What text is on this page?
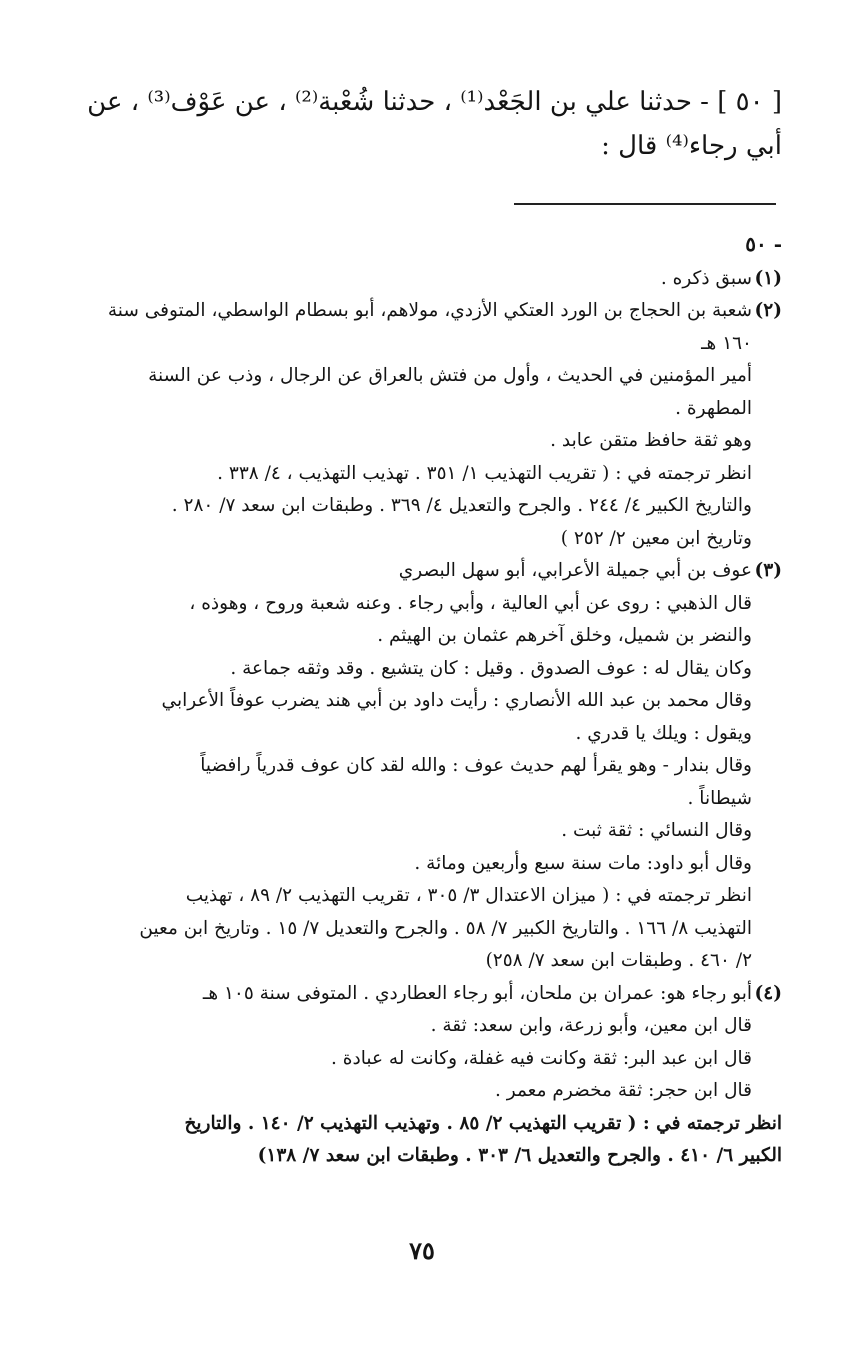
[ ٥٠ ] - حدثنا علي بن الجَعْد⁽¹⁾ ، حدثنا شُعْبة⁽²⁾ ، عن عَوْف⁽³⁾ ، عن
أبي رجاء⁽⁴⁾ قال :
- ٥٠
(١)
سبق ذكره .
(٢)
شعبة بن الحجاج بن الورد العتكي الأزدي، مولاهم، أبو بسطام الواسطي، المتوفى سنة
١٦٠ هـ
أمير المؤمنين في الحديث ، وأول من فتش بالعراق عن الرجال ، وذب عن السنة
المطهرة .
وهو ثقة حافظ متقن عابد .
انظر ترجمته في : ( تقريب التهذيب ١/ ٣٥١ . تهذيب التهذيب ، ٤/ ٣٣٨ .
والتاريخ الكبير ٤/ ٢٤٤ . والجرح والتعديل ٤/ ٣٦٩ . وطبقات ابن سعد ٧/ ٢٨٠ .
وتاريخ ابن معين ٢/ ٢٥٢ )
(٣)
عوف بن أبي جميلة الأعرابي، أبو سهل البصري
قال الذهبي : روى عن أبي العالية ، وأبي رجاء . وعنه شعبة وروح ، وهوذه ،
والنضر بن شميل، وخلق آخرهم عثمان بن الهيثم .
وكان يقال له : عوف الصدوق . وقيل : كان يتشيع . وقد وثقه جماعة .
وقال محمد بن عبد الله الأنصاري : رأيت داود بن أبي هند يضرب عوفاً الأعرابي
ويقول : ويلك يا قدري .
وقال بندار - وهو يقرأ لهم حديث عوف : والله لقد كان عوف قدرياً رافضياً
شيطاناً .
وقال النسائي : ثقة ثبت .
وقال أبو داود: مات سنة سبع وأربعين ومائة .
انظر ترجمته في : ( ميزان الاعتدال ٣/ ٣٠٥ ، تقريب التهذيب ٢/ ٨٩ ، تهذيب
التهذيب ٨/ ١٦٦ . والتاريخ الكبير ٧/ ٥٨ . والجرح والتعديل ٧/ ١٥ . وتاريخ ابن معين
٢/ ٤٦٠ . وطبقات ابن سعد ٧/ ٢٥٨)
(٤)
أبو رجاء هو: عمران بن ملحان، أبو رجاء العطاردي . المتوفى سنة ١٠٥ هـ
قال ابن معين، وأبو زرعة، وابن سعد: ثقة .
قال ابن عبد البر: ثقة وكانت فيه غفلة، وكانت له عبادة .
قال ابن حجر: ثقة مخضرم معمر .
انظر ترجمته في : ( تقريب التهذيب ٢/ ٨٥ . وتهذيب التهذيب ٢/ ١٤٠ . والتاريخ
الكبير ٦/ ٤١٠ . والجرح والتعديل ٦/ ٣٠٣ . وطبقات ابن سعد ٧/ ١٣٨)
٧٥
